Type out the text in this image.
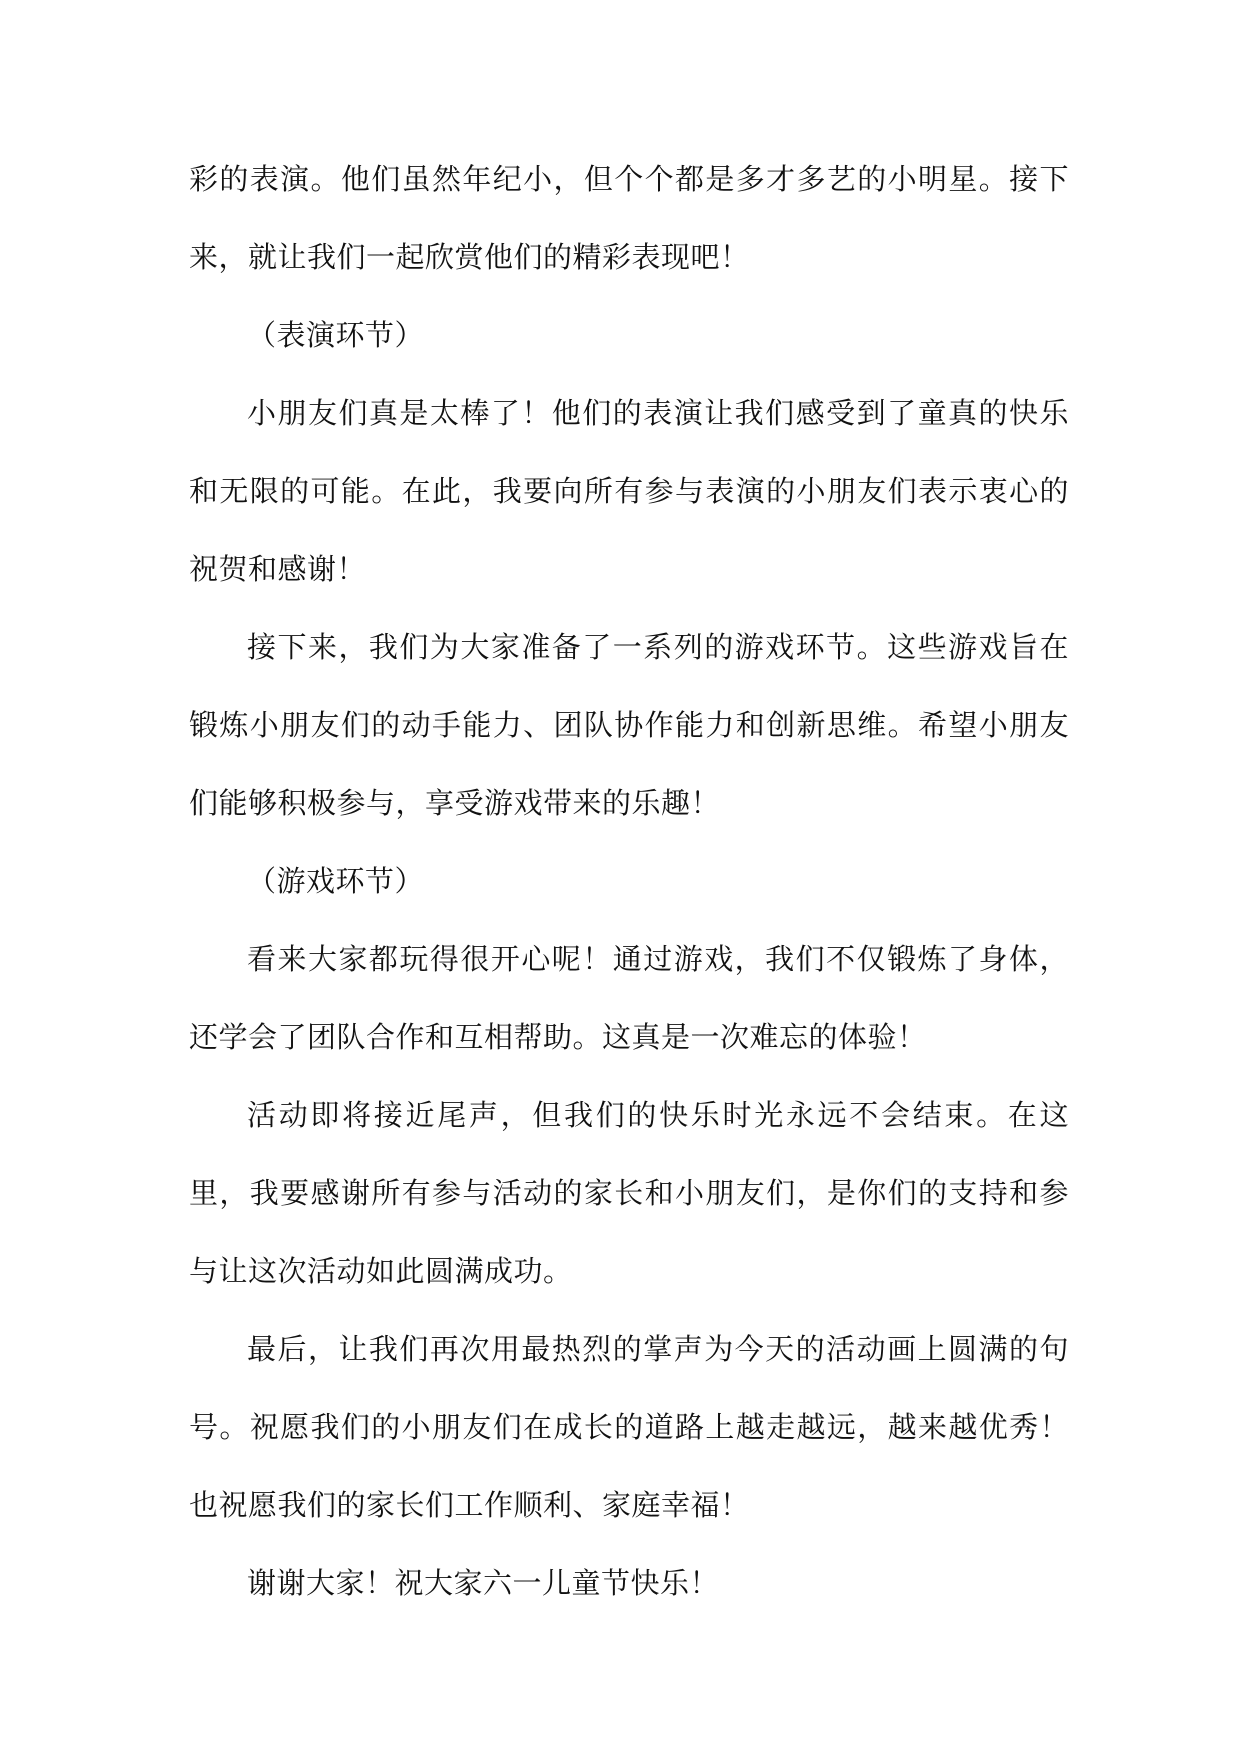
彩的表演。他们虽然年纪小，但个个都是多才多艺的小明星。接下来，就让我们一起欣赏他们的精彩表现吧！

（表演环节）

小朋友们真是太棒了！他们的表演让我们感受到了童真的快乐和无限的可能。在此，我要向所有参与表演的小朋友们表示衷心的祝贺和感谢！

接下来，我们为大家准备了一系列的游戏环节。这些游戏旨在锻炼小朋友们的动手能力、团队协作能力和创新思维。希望小朋友们能够积极参与，享受游戏带来的乐趣！

（游戏环节）

看来大家都玩得很开心呢！通过游戏，我们不仅锻炼了身体，还学会了团队合作和互相帮助。这真是一次难忘的体验！

活动即将接近尾声，但我们的快乐时光永远不会结束。在这里，我要感谢所有参与活动的家长和小朋友们，是你们的支持和参与让这次活动如此圆满成功。

最后，让我们再次用最热烈的掌声为今天的活动画上圆满的句号。祝愿我们的小朋友们在成长的道路上越走越远，越来越优秀！也祝愿我们的家长们工作顺利、家庭幸福！

谢谢大家！祝大家六一儿童节快乐！
